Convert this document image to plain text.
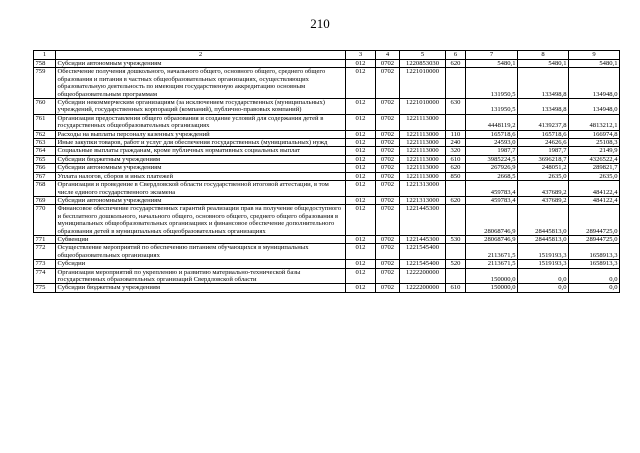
210
1	2	3	4	5	6	7	8	9
758	Субсидии автономным учреждениям	012	0702	1220853030	620	5480,1	5480,1	5480,1
759	Обеспечение получения дошкольного, начального общего, основного общего, среднего общего образования и питания в частных общеобразовательных организациях, осуществляющих образовательную деятельность по имеющим государственную аккредитацию основным общеобразовательным программам	012	0702	1221010000		131950,5	133498,8	134948,0
760	Субсидии некоммерческим организациям (за исключением государственных (муниципальных) учреждений, государственных корпораций (компаний), публично-правовых компаний)	012	0702	1221010000	630	131950,5	133498,8	134948,0
761	Организация предоставления общего образования и создание условий для содержания детей в государственных общеобразовательных организациях	012	0702	1221113000		4448119,2	4139237,8	4813212,1
762	Расходы на выплаты персоналу казенных учреждений	012	0702	1221113000	110	165718,6	165718,6	166974,8
763	Иные закупки товаров, работ и услуг для обеспечения государственных (муниципальных) нужд	012	0702	1221113000	240	24593,0	24626,6	25108,3
764	Социальные выплаты гражданам, кроме публичных нормативных социальных выплат	012	0702	1221113000	320	1987,7	1987,7	2149,9
765	Субсидии бюджетным учреждениям	012	0702	1221113000	610	3985224,5	3696218,7	4326522,4
766	Субсидии автономным учреждениям	012	0702	1221113000	620	267926,9	248051,2	289821,7
767	Уплата налогов, сборов и иных платежей	012	0702	1221113000	850	2668,5	2635,0	2635,0
768	Организация и проведение в Свердловской области государственной итоговой аттестации, в том числе единого государственного экзамена	012	0702	1221313000		459783,4	437689,2	484122,4
769	Субсидии автономным учреждениям	012	0702	1221313000	620	459783,4	437689,2	484122,4
770	Финансовое обеспечение государственных гарантий реализации прав на получение общедоступного и бесплатного дошкольного, начального общего, основного общего, среднего общего образования в муниципальных общеобразовательных организациях и финансовое обеспечение дополнительного образования детей в муниципальных общеобразовательных организациях	012	0702	1221445300		28068746,9	28445813,0	28944725,0
771	Субвенции	012	0702	1221445300	530	28068746,9	28445813,0	28944725,0
772	Осуществление мероприятий по обеспечению питанием обучающихся в муниципальных общеобразовательных организациях	012	0702	1221545400		2113671,5	1519193,3	1658913,3
773	Субсидии	012	0702	1221545400	520	2113671,5	1519193,3	1658913,3
774	Организация мероприятий по укреплению и развитию материально-технической базы государственных образовательных организаций Свердловской области	012	0702	1222200000		150000,0	0,0	0,0
775	Субсидии бюджетным учреждениям	012	0702	1222200000	610	150000,0	0,0	0,0
